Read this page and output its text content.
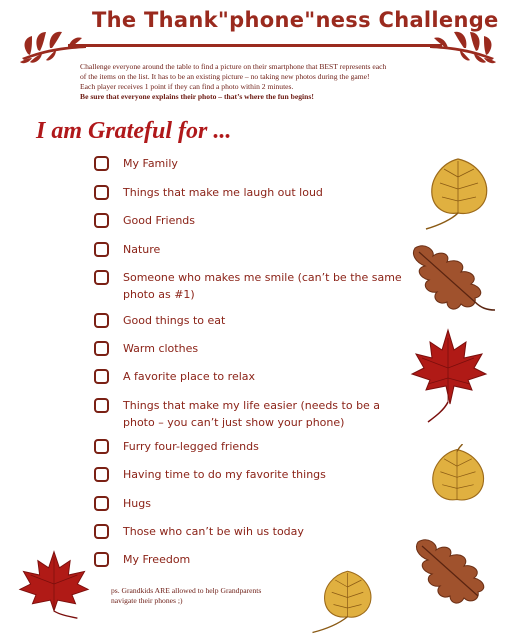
The Thank"phone"ness Challenge

Challenge everyone around the table to find a picture on their smartphone that BEST represents each

of the items on the list. It has to be an existing picture – no taking new photos during the game!

Each player receives 1 point if they can find a photo within 2 minutes.

Be sure that everyone explains their photo – that’s where the fun begins!

I am Grateful for ...
My Family
Things that make me laugh out loud
Good Friends
Nature
Someone who makes me smile (can’t be the same photo as #1)
Good things to eat
Warm clothes
A favorite place to relax
Things that make my life easier (needs to be a photo – you can’t just show your phone)
Furry four-legged friends
Having time to do my favorite things
Hugs
Those who can’t be wih us today
My Freedom
ps. Grandkids ARE allowed to help Grandparents
navigate their phones ;)
